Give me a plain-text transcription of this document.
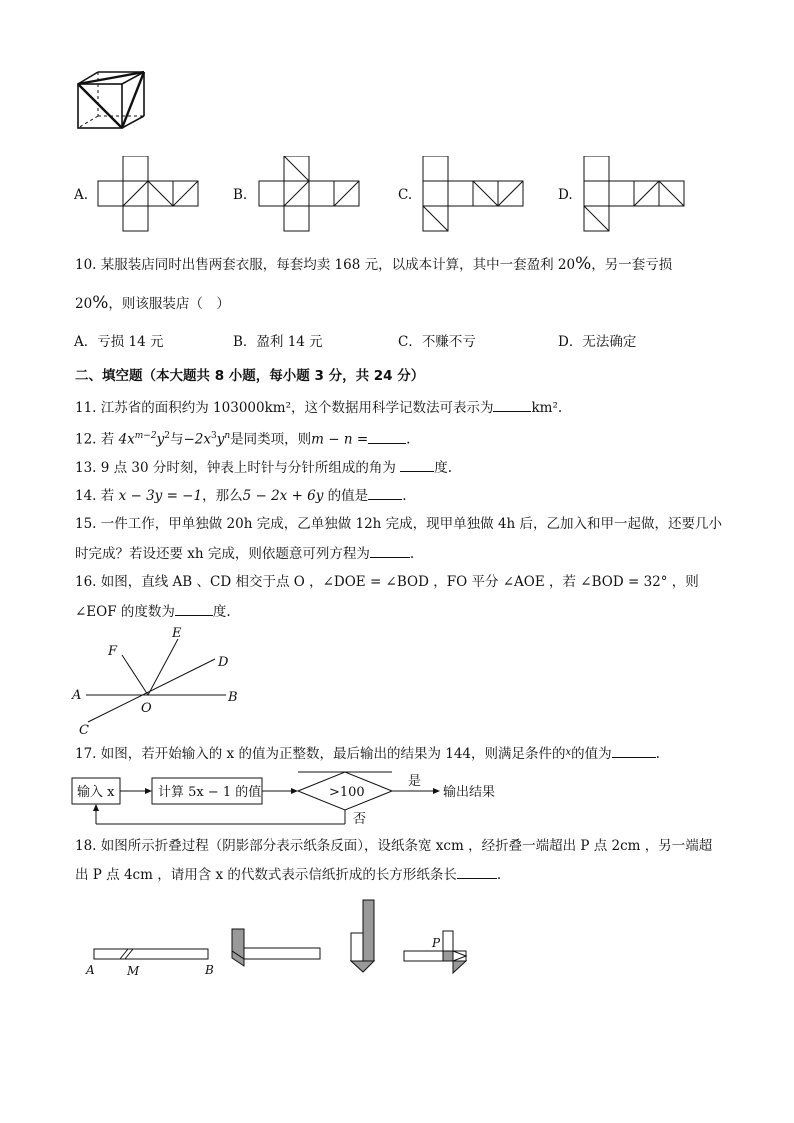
A.	B.	C.	D.
10. 某服装店同时出售两套衣服，每套均卖 168 元，以成本计算，其中一套盈利 20%，另一套亏损
20%，则该服装店（　）
A．亏损 14 元	B．盈利 14 元	C．不赚不亏	D．无法确定
二、填空题（本大题共 8 小题，每小题 3 分，共 24 分）
11. 江苏省的面积约为 103000km²，这个数据用科学记数法可表示为	km².
12. 若 $4x^{m-2}y^2$与$-2x^3y^n$是同类项，则m − n =	.
13. 9 点 30 分时刻，钟表上时针与分针所组成的角为	度.
14. 若 x − 3y = −1，那么5 − 2x + 6y 的值是	.
15. 一件工作，甲单独做 20h 完成，乙单独做 12h 完成，现甲单独做 4h 后，乙加入和甲一起做，还要几小
时完成？若设还要 xh 完成，则依题意可列方程为	.
16. 如图，直线 AB 、CD 相交于点 O ，∠DOE = ∠BOD ，FO 平分 ∠AOE ，若 ∠BOD = 32° ，则
∠EOF 的度数为	度.
E
F
D
A	B
O
C
17. 如图，若开始输入的 x 的值为正整数，最后输出的结果为 144，则满足条件的$^x$的值为	.
输入 x	计算 5x − 1 的值	>100
是
否
输出结果
18. 如图所示折叠过程（阴影部分表示纸条反面），设纸条宽 xcm ，经折叠一端超出 P 点 2cm ，另一端超
出 P 点 4cm ，请用含 x 的代数式表示信纸折成的长方形纸条长	.
A	M	B
P
